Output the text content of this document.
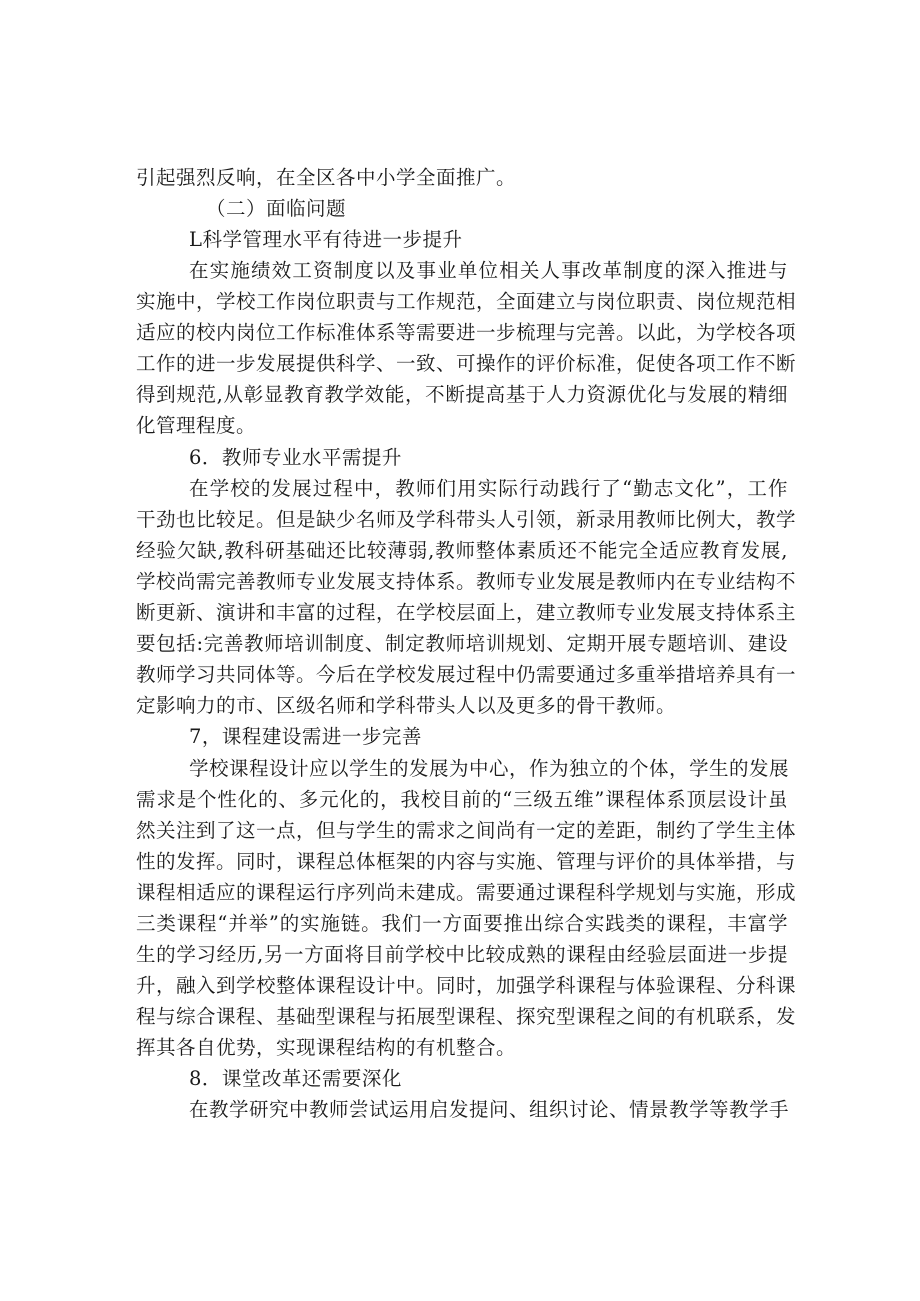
引起强烈反响，在全区各中小学全面推广。
（二）面临问题
L科学管理水平有待进一步提升
在实施绩效工资制度以及事业单位相关人事改革制度的深入推进与
实施中，学校工作岗位职责与工作规范，全面建立与岗位职责、岗位规范相
适应的校内岗位工作标准体系等需要进一步梳理与完善。以此，为学校各项
工作的进一步发展提供科学、一致、可操作的评价标准，促使各项工作不断
得到规范,从彰显教育教学效能，不断提高基于人力资源优化与发展的精细
化管理程度。
6．教师专业水平需提升
在学校的发展过程中，教师们用实际行动践行了“勤志文化”，工作
干劲也比较足。但是缺少名师及学科带头人引领，新录用教师比例大，教学
经验欠缺,教科研基础还比较薄弱,教师整体素质还不能完全适应教育发展,
学校尚需完善教师专业发展支持体系。教师专业发展是教师内在专业结构不
断更新、演讲和丰富的过程，在学校层面上，建立教师专业发展支持体系主
要包括:完善教师培训制度、制定教师培训规划、定期开展专题培训、建设
教师学习共同体等。今后在学校发展过程中仍需要通过多重举措培养具有一
定影响力的市、区级名师和学科带头人以及更多的骨干教师。
7，课程建设需进一步完善
学校课程设计应以学生的发展为中心，作为独立的个体，学生的发展
需求是个性化的、多元化的，我校目前的“三级五维”课程体系顶层设计虽
然关注到了这一点，但与学生的需求之间尚有一定的差距，制约了学生主体
性的发挥。同时，课程总体框架的内容与实施、管理与评价的具体举措，与
课程相适应的课程运行序列尚未建成。需要通过课程科学规划与实施，形成
三类课程“并举”的实施链。我们一方面要推出综合实践类的课程，丰富学
生的学习经历,另一方面将目前学校中比较成熟的课程由经验层面进一步提
升，融入到学校整体课程设计中。同时，加强学科课程与体验课程、分科课
程与综合课程、基础型课程与拓展型课程、探究型课程之间的有机联系，发
挥其各自优势，实现课程结构的有机整合。
8．课堂改革还需要深化
在教学研究中教师尝试运用启发提问、组织讨论、情景教学等教学手
